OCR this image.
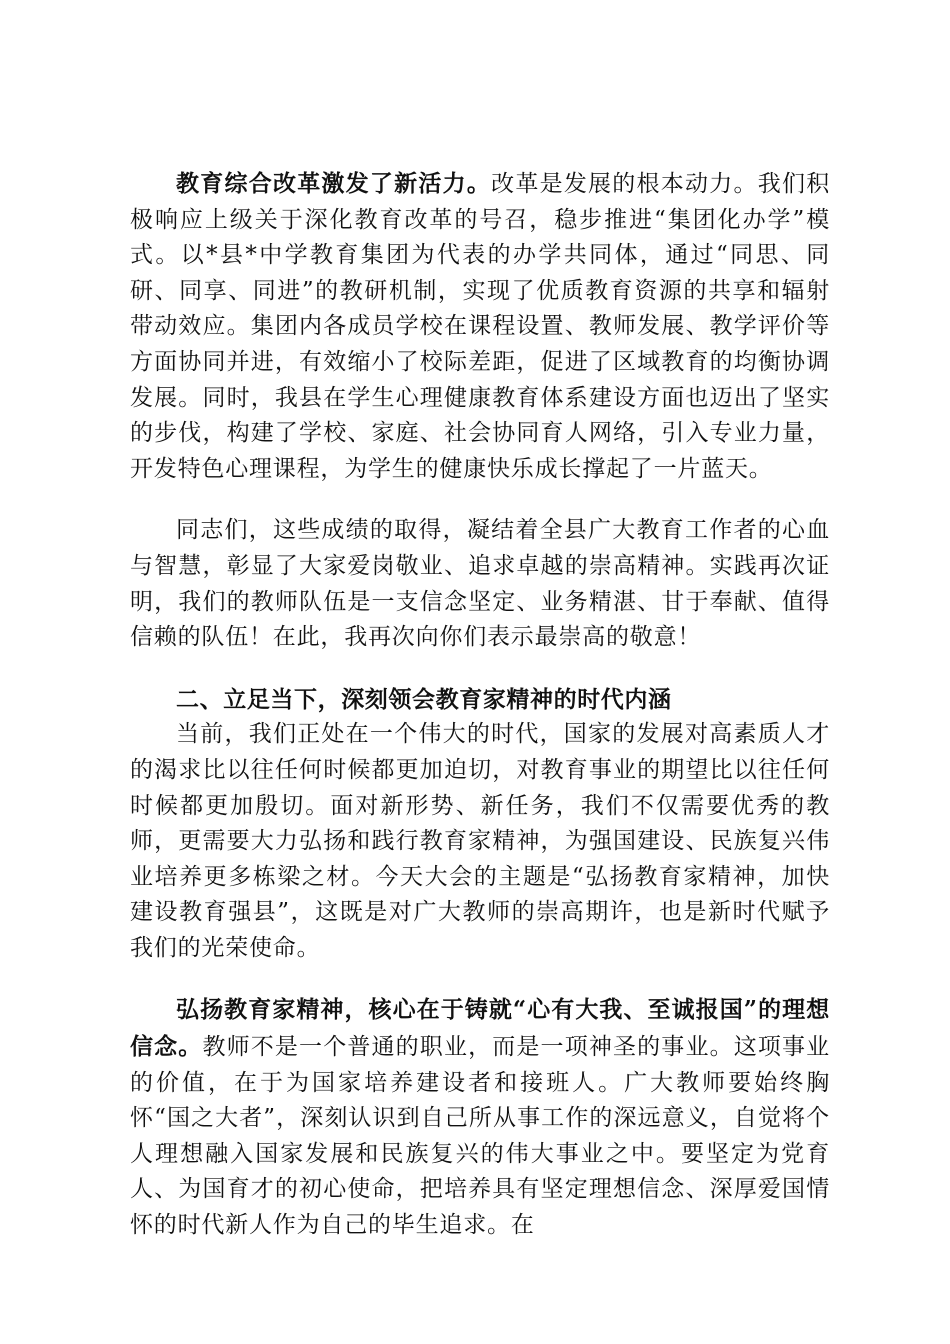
教育综合改革激发了新活力。改革是发展的根本动力。我们积极响应上级关于深化教育改革的号召，稳步推进“集团化办学”模式。以*县*中学教育集团为代表的办学共同体，通过“同思、同研、同享、同进”的教研机制，实现了优质教育资源的共享和辐射带动效应。集团内各成员学校在课程设置、教师发展、教学评价等方面协同并进，有效缩小了校际差距，促进了区域教育的均衡协调发展。同时，我县在学生心理健康教育体系建设方面也迈出了坚实的步伐，构建了学校、家庭、社会协同育人网络，引入专业力量，开发特色心理课程，为学生的健康快乐成长撑起了一片蓝天。

同志们，这些成绩的取得，凝结着全县广大教育工作者的心血与智慧，彰显了大家爱岗敬业、追求卓越的崇高精神。实践再次证明，我们的教师队伍是一支信念坚定、业务精湛、甘于奉献、值得信赖的队伍！在此，我再次向你们表示最崇高的敬意！

二、立足当下，深刻领会教育家精神的时代内涵

当前，我们正处在一个伟大的时代，国家的发展对高素质人才的渴求比以往任何时候都更加迫切，对教育事业的期望比以往任何时候都更加殷切。面对新形势、新任务，我们不仅需要优秀的教师，更需要大力弘扬和践行教育家精神，为强国建设、民族复兴伟业培养更多栋梁之材。今天大会的主题是“弘扬教育家精神，加快建设教育强县”，这既是对广大教师的崇高期许，也是新时代赋予我们的光荣使命。

弘扬教育家精神，核心在于铸就“心有大我、至诚报国”的理想信念。教师不是一个普通的职业，而是一项神圣的事业。这项事业的价值，在于为国家培养建设者和接班人。广大教师要始终胸怀“国之大者”，深刻认识到自己所从事工作的深远意义，自觉将个人理想融入国家发展和民族复兴的伟大事业之中。要坚定为党育人、为国育才的初心使命，把培养具有坚定理想信念、深厚爱国情怀的时代新人作为自己的毕生追求。在
